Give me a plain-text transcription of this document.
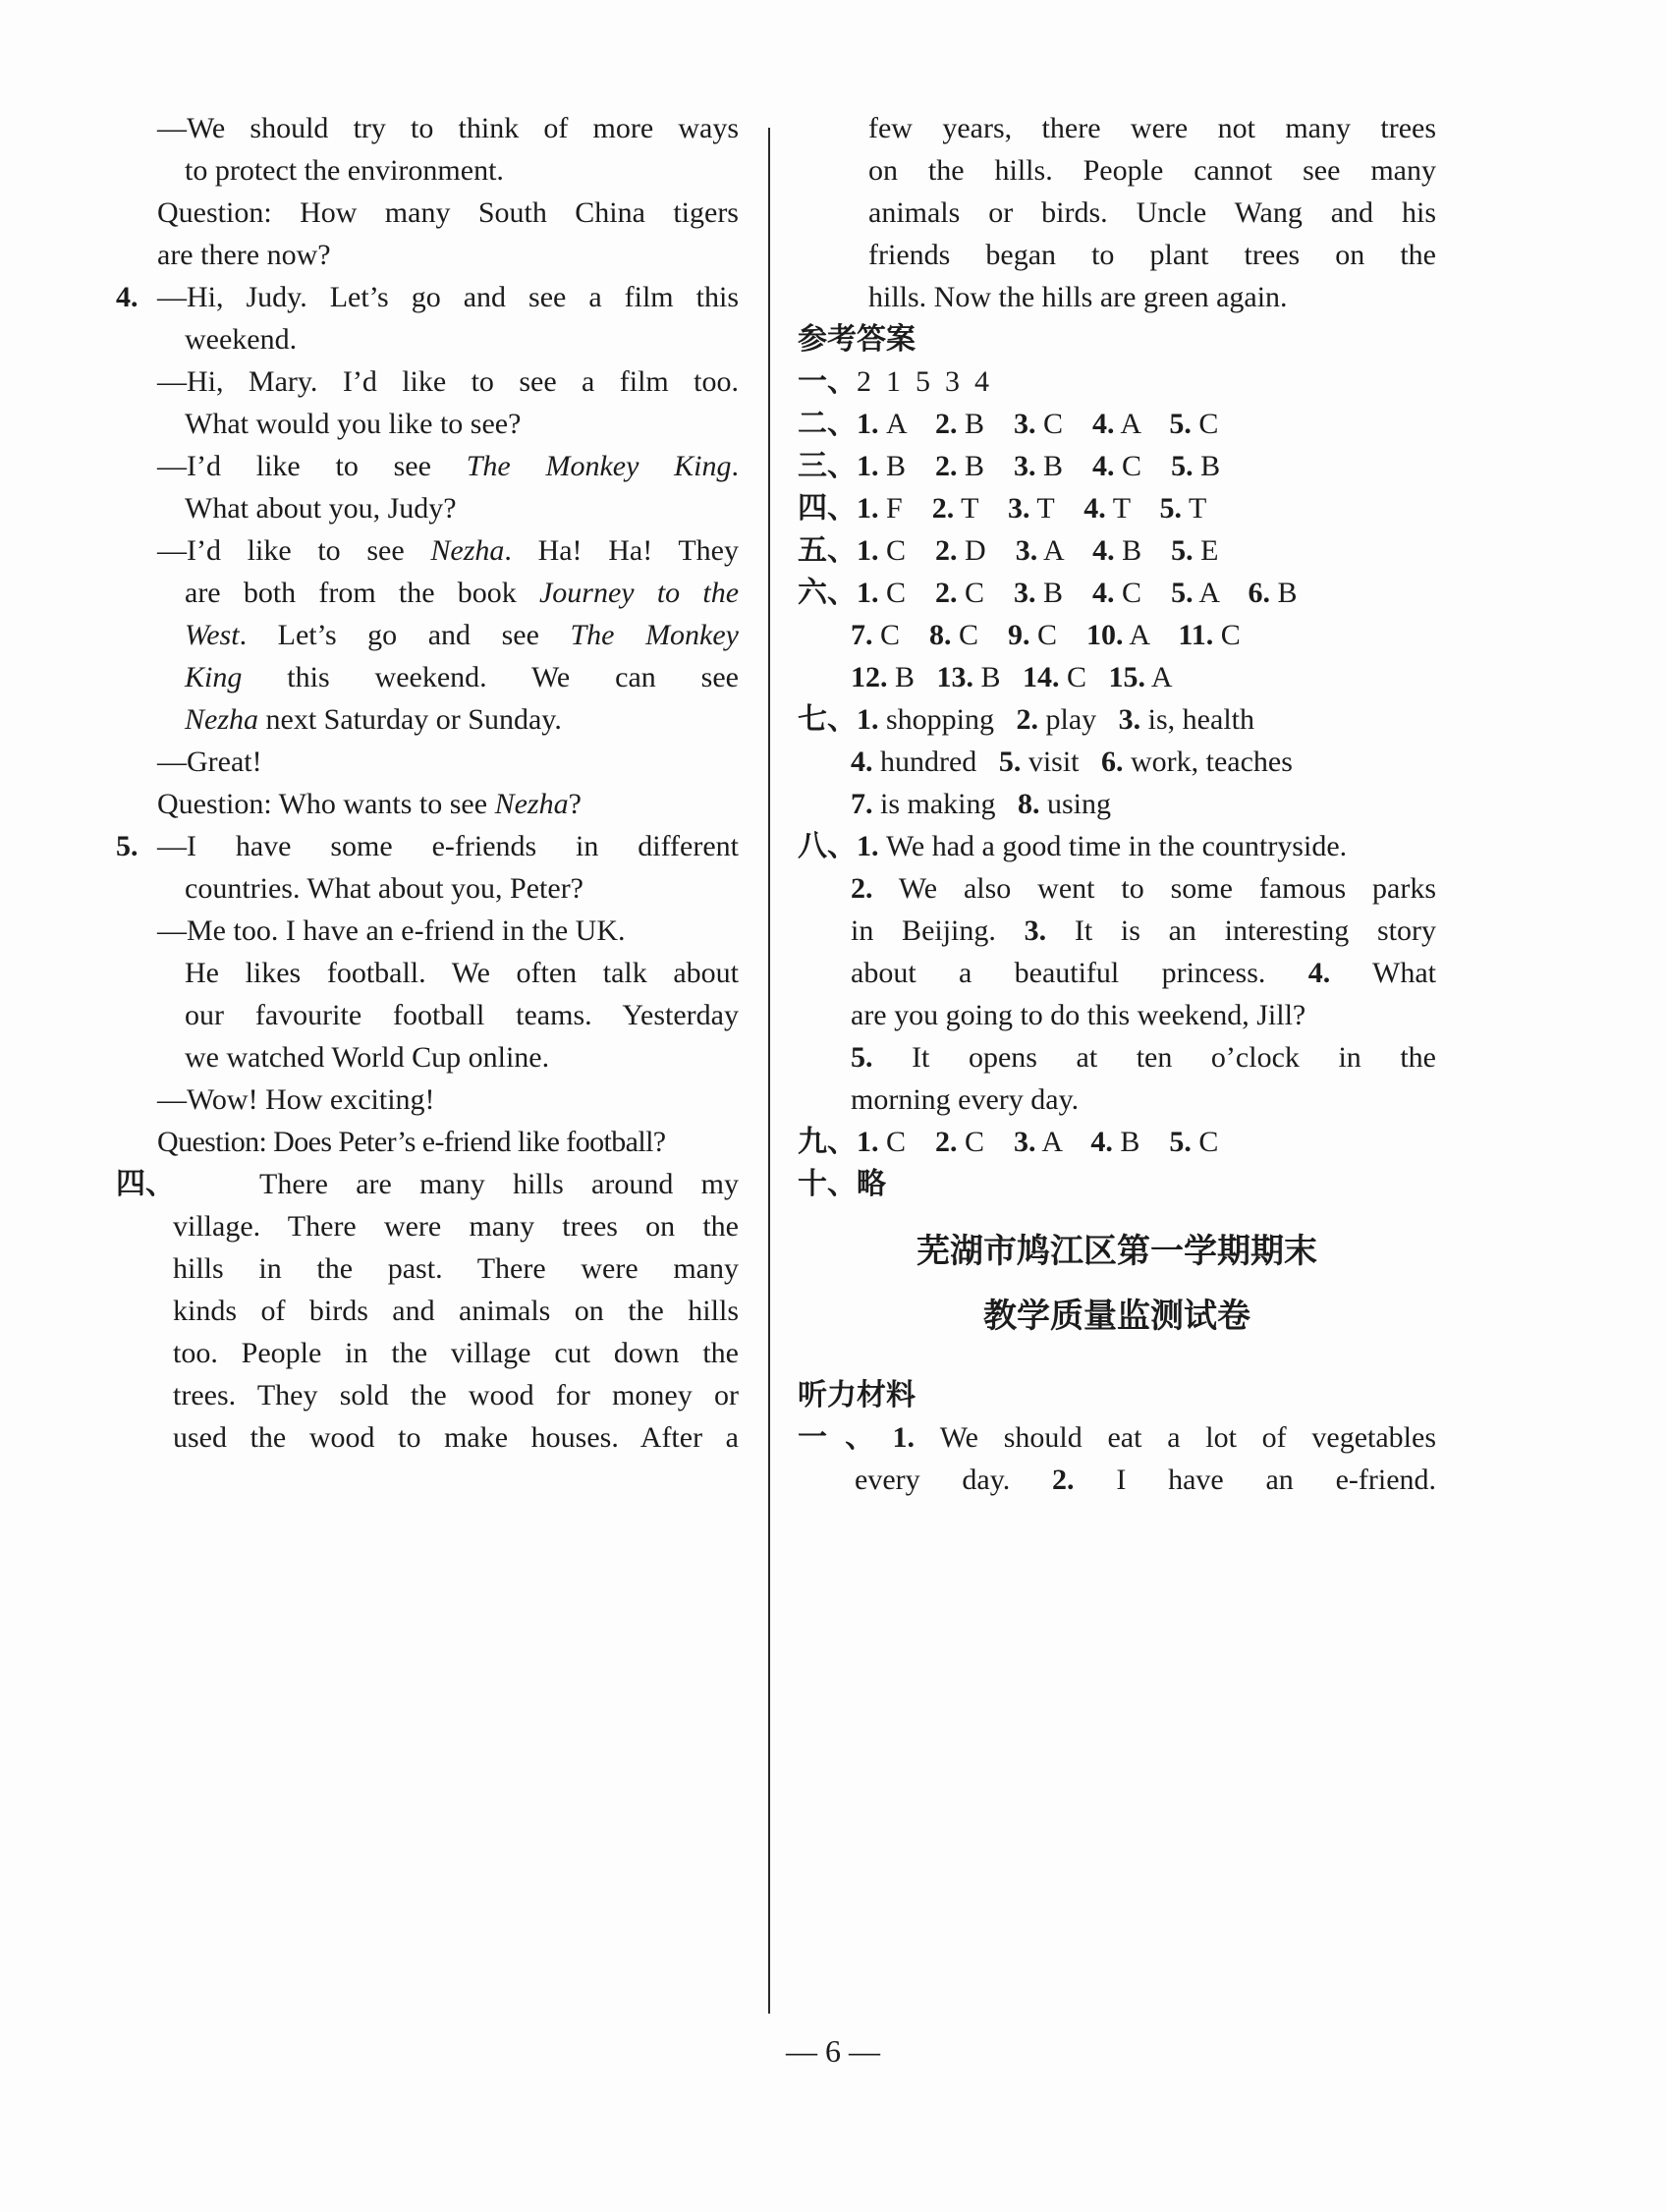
—We should try to think of more ways
to protect the environment.
Question: How many South China tigers
are there now?
4. —Hi, Judy. Let’s go and see a film this
weekend.
—Hi, Mary. I’d like to see a film too.
What would you like to see?
—I’d like to see The Monkey King.
What about you, Judy?
—I’d like to see Nezha. Ha! Ha! They
are both from the book Journey to the
West. Let’s go and see The Monkey
King this weekend. We can see
Nezha next Saturday or Sunday.
—Great!
Question: Who wants to see Nezha?
5. —I have some e-friends in different
countries. What about you, Peter?
—Me too. I have an e-friend in the UK.
He likes football. We often talk about
our favourite football teams. Yesterday
we watched World Cup online.
—Wow! How exciting!
Question: Does Peter’s e-friend like football?
四、	There are many hills around my
village. There were many trees on the
hills in the past. There were many
kinds of birds and animals on the hills
too. People in the village cut down the
trees. They sold the wood for money or
used the wood to make houses. After a
few years, there were not many trees
on the hills. People cannot see many
animals or birds. Uncle Wang and his
friends began to plant trees on the
hills. Now the hills are green again.
参考答案
一、2  1  5  3  4
二、1. A 2. B 3. C 4. A 5. C
三、1. B 2. B 3. B 4. C 5. B
四、1. F 2. T 3. T 4. T 5. T
五、1. C 2. D 3. A 4. B 5. E
六、1. C 2. C 3. B 4. C 5. A 6. B
7. C 8. C 9. C 10. A 11. C
12. B 13. B 14. C 15. A
七、1. shopping 2. play 3. is, health
4. hundred 5. visit 6. work, teaches
7. is making 8. using
八、1. We had a good time in the countryside.
2. We also went to some famous parks
in Beijing. 3. It is an interesting story
about a beautiful princess. 4. What
are you going to do this weekend, Jill?
5. It opens at ten o’clock in the
morning every day.
九、1. C 2. C 3. A 4. B 5. C
十、略
芜湖市鸠江区第一学期期末
教学质量监测试卷
听力材料
一、1. We should eat a lot of vegetables
every day. 2. I have an e-friend.
— 6 —
